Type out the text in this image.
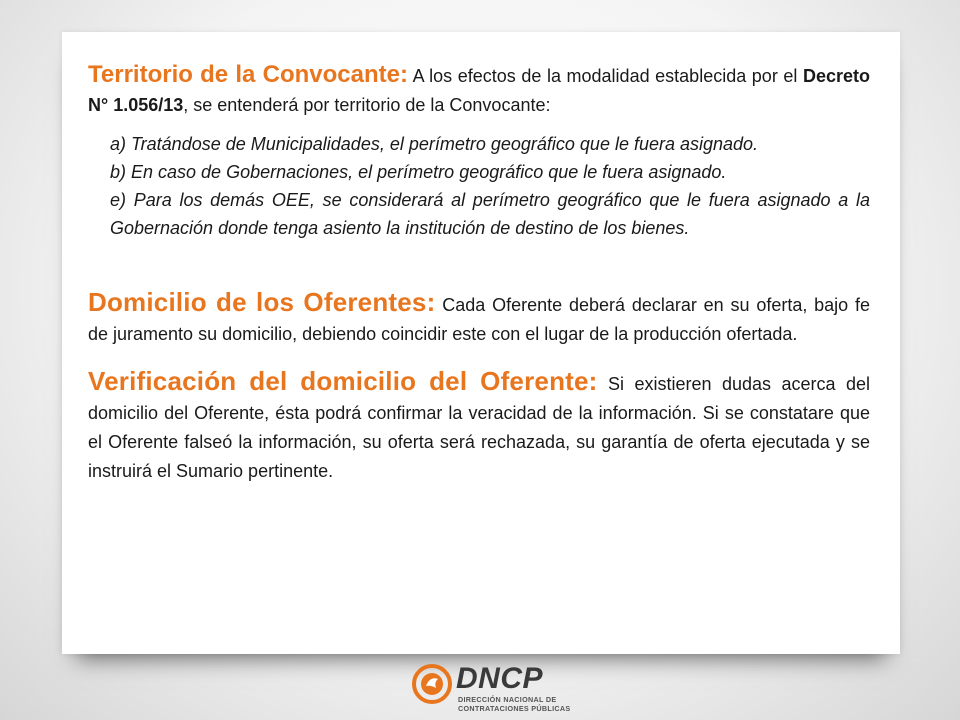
Territorio de la Convocante: A los efectos de la modalidad establecida por el Decreto N° 1.056/13, se entenderá por territorio de la Convocante:

a) Tratándose de Municipalidades, el perímetro geográfico que le fuera asignado.

b) En caso de Gobernaciones, el perímetro geográfico que le fuera asignado.

e) Para los demás OEE, se considerará al perímetro geográfico que le fuera asignado a la Gobernación donde tenga asiento la institución de destino de los bienes.

Domicilio de los Oferentes: Cada Oferente deberá declarar en su oferta, bajo fe de juramento su domicilio, debiendo coincidir este con el lugar de la producción ofertada.

Verificación del domicilio del Oferente: Si existieren dudas acerca del domicilio del Oferente, ésta podrá confirmar la veracidad de la información. Si se constatare que el Oferente falseó la información, su oferta será rechazada, su garantía de oferta ejecutada y se instruirá el Sumario pertinente.

DNCP
DIRECCIÓN NACIONAL DE
CONTRATACIONES PÚBLICAS
